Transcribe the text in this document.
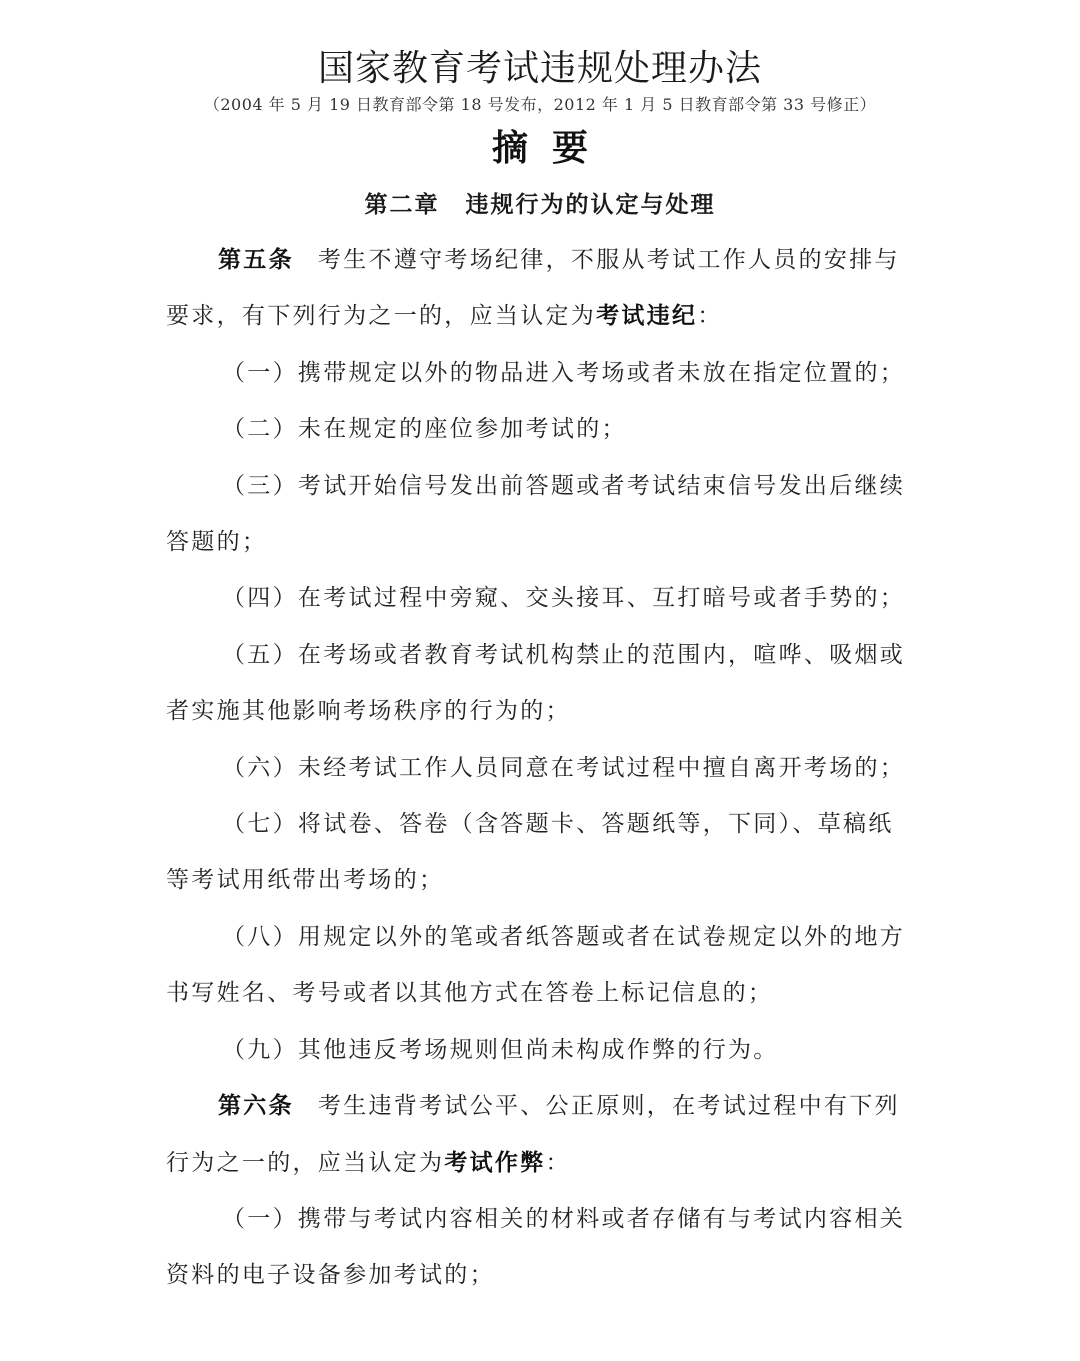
国家教育考试违规处理办法
（2004 年 5 月 19 日教育部令第 18 号发布，2012 年 1 月 5 日教育部令第 33 号修正）
摘要
第二章 违规行为的认定与处理

第五条 考生不遵守考场纪律，不服从考试工作人员的安排与要求，有下列行为之一的，应当认定为考试违纪：

（一）携带规定以外的物品进入考场或者未放在指定位置的；

（二）未在规定的座位参加考试的；

（三）考试开始信号发出前答题或者考试结束信号发出后继续答题的；

（四）在考试过程中旁窥、交头接耳、互打暗号或者手势的；

（五）在考场或者教育考试机构禁止的范围内，喧哗、吸烟或者实施其他影响考场秩序的行为的；

（六）未经考试工作人员同意在考试过程中擅自离开考场的；

（七）将试卷、答卷（含答题卡、答题纸等，下同）、草稿纸等考试用纸带出考场的；

（八）用规定以外的笔或者纸答题或者在试卷规定以外的地方书写姓名、考号或者以其他方式在答卷上标记信息的；

（九）其他违反考场规则但尚未构成作弊的行为。

第六条 考生违背考试公平、公正原则，在考试过程中有下列行为之一的，应当认定为考试作弊：

（一）携带与考试内容相关的材料或者存储有与考试内容相关资料的电子设备参加考试的；
